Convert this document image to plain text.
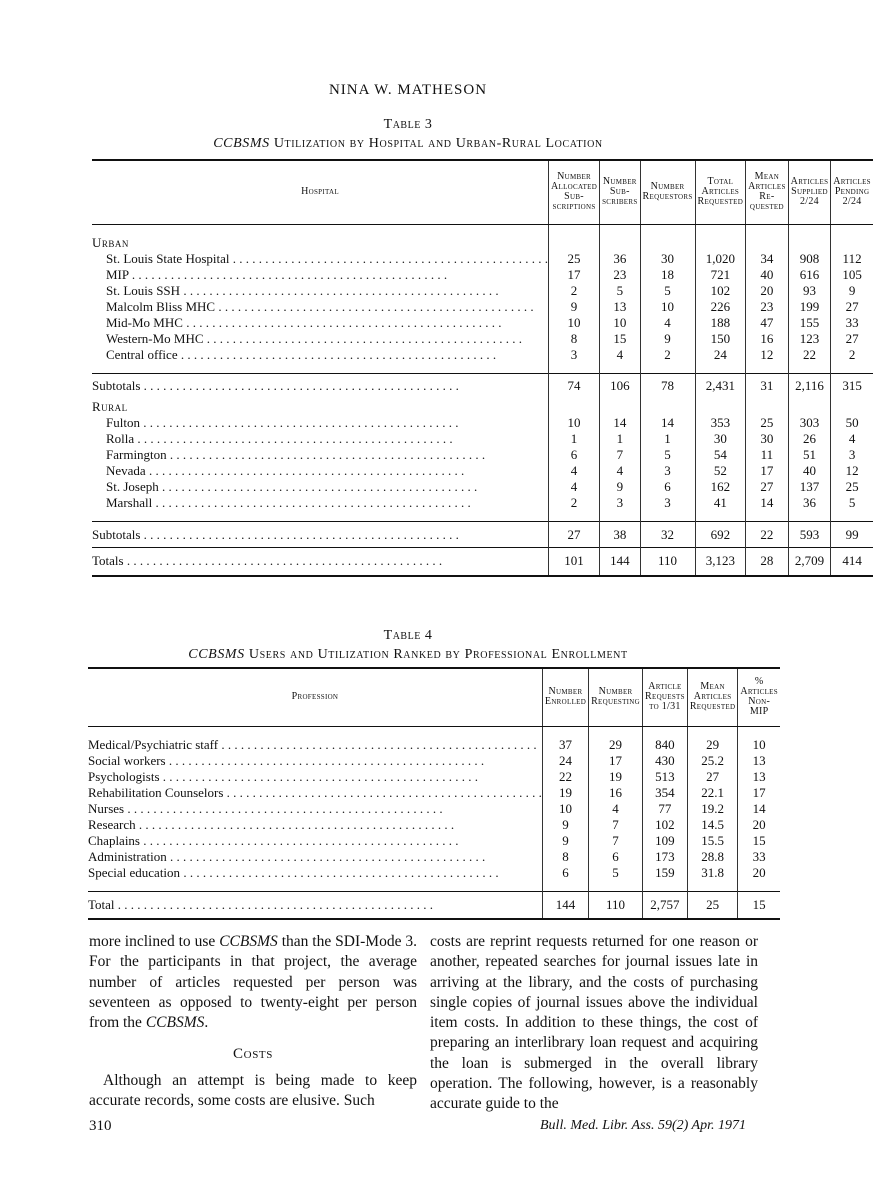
NINA W. MATHESON
Table 3
CCBSMS Utilization by Hospital and Urban-Rural Location
Hospital	Number Allocated Sub-scriptions	Number Sub-scribers	Number Requestors	Total Articles Requested	Mean Articles Re-quested	Articles Supplied 2/24	Articles Pending 2/24

Urban							

St. Louis State Hospital . . .	25	36	30	1,020	34	908	112

MIP . . .	17	23	18	721	40	616	105

St. Louis SSH . . .	2	5	5	102	20	93	9

Malcolm Bliss MHC . . .	9	13	10	226	23	199	27

Mid-Mo MHC . . .	10	10	4	188	47	155	33

Western-Mo MHC . . .	8	15	9	150	16	123	27

Central office . . .	3	4	2	24	12	22	2

Subtotals . . .	74	106	78	2,431	31	2,116	315
Rural							

Fulton . . .	10	14	14	353	25	303	50

Rolla . . .	1	1	1	30	30	26	4

Farmington . . .	6	7	5	54	11	51	3

Nevada . . .	4	4	3	52	17	40	12

St. Joseph . . .	4	9	6	162	27	137	25

Marshall . . .	2	3	3	41	14	36	5

Subtotals . . .	27	38	32	692	22	593	99

Totals . . .	101	144	110	3,123	28	2,709	414
Table 4
CCBSMS Users and Utilization Ranked by Professional Enrollment
Profession	Number Enrolled	Number Requesting	Article Requests to 1/31	Mean Articles Requested	% Articles Non-MIP

Medical/Psychiatric staff . . .	37	29	840	29	10

Social workers . . .	24	17	430	25.2	13

Psychologists . . .	22	19	513	27	13

Rehabilitation Counselors . . .	19	16	354	22.1	17

Nurses . . .	10	4	77	19.2	14

Research . . .	9	7	102	14.5	20

Chaplains . . .	9	7	109	15.5	15

Administration . . .	8	6	173	28.8	33

Special education . . .	6	5	159	31.8	20

Total . . .	144	110	2,757	25	15

more inclined to use CCBSMS than the SDI-Mode 3. For the participants in that project, the average number of articles requested per person was seventeen as opposed to twenty-eight per person from the CCBSMS.

Costs

Although an attempt is being made to keep accurate records, some costs are elusive. Such

costs are reprint requests returned for one reason or another, repeated searches for journal issues late in arriving at the library, and the costs of purchasing single copies of journal issues above the individual item costs. In addition to these things, the cost of preparing an interlibrary loan request and acquiring the loan is submerged in the overall library operation. The following, however, is a reasonably accurate guide to the

310	Bull. Med. Libr. Ass. 59(2) Apr. 1971
